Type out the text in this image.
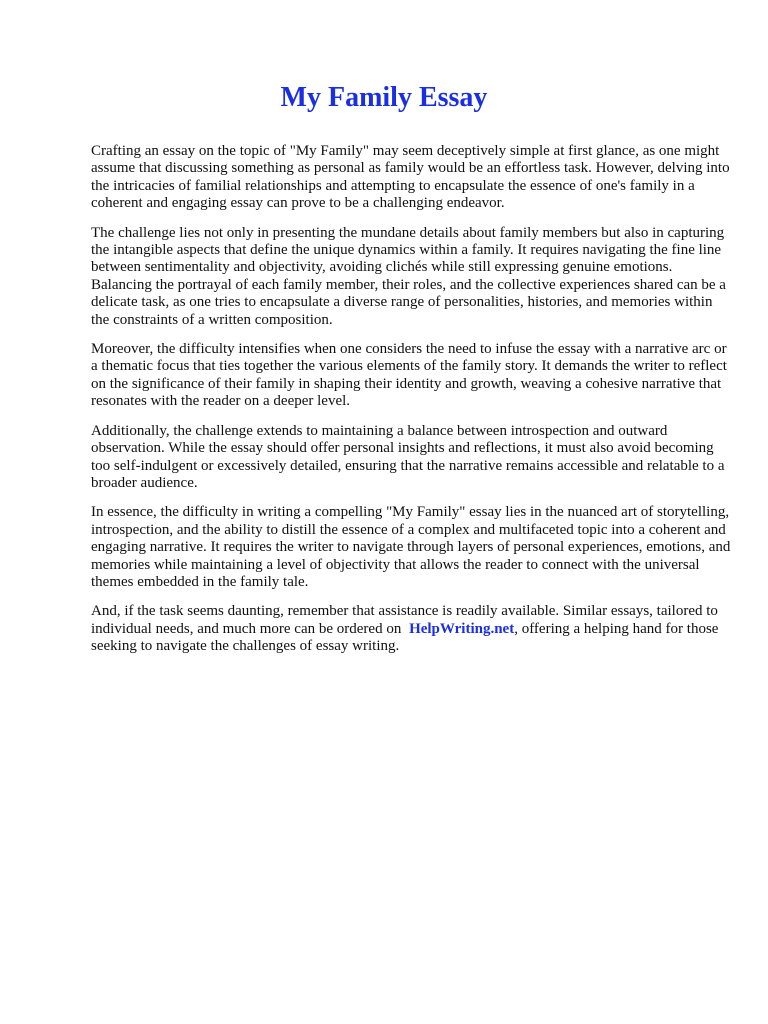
My Family Essay

Crafting an essay on the topic of "My Family" may seem deceptively simple at first glance, as one might assume that discussing something as personal as family would be an effortless task. However, delving into the intricacies of familial relationships and attempting to encapsulate the essence of one's family in a coherent and engaging essay can prove to be a challenging endeavor.

The challenge lies not only in presenting the mundane details about family members but also in capturing the intangible aspects that define the unique dynamics within a family. It requires navigating the fine line between sentimentality and objectivity, avoiding clichés while still expressing genuine emotions. Balancing the portrayal of each family member, their roles, and the collective experiences shared can be a delicate task, as one tries to encapsulate a diverse range of personalities, histories, and memories within the constraints of a written composition.

Moreover, the difficulty intensifies when one considers the need to infuse the essay with a narrative arc or a thematic focus that ties together the various elements of the family story. It demands the writer to reflect on the significance of their family in shaping their identity and growth, weaving a cohesive narrative that resonates with the reader on a deeper level.

Additionally, the challenge extends to maintaining a balance between introspection and outward observation. While the essay should offer personal insights and reflections, it must also avoid becoming too self-indulgent or excessively detailed, ensuring that the narrative remains accessible and relatable to a broader audience.

In essence, the difficulty in writing a compelling "My Family" essay lies in the nuanced art of storytelling, introspection, and the ability to distill the essence of a complex and multifaceted topic into a coherent and engaging narrative. It requires the writer to navigate through layers of personal experiences, emotions, and memories while maintaining a level of objectivity that allows the reader to connect with the universal themes embedded in the family tale.

And, if the task seems daunting, remember that assistance is readily available. Similar essays, tailored to individual needs, and much more can be ordered on HelpWriting.net, offering a helping hand for those seeking to navigate the challenges of essay writing.
